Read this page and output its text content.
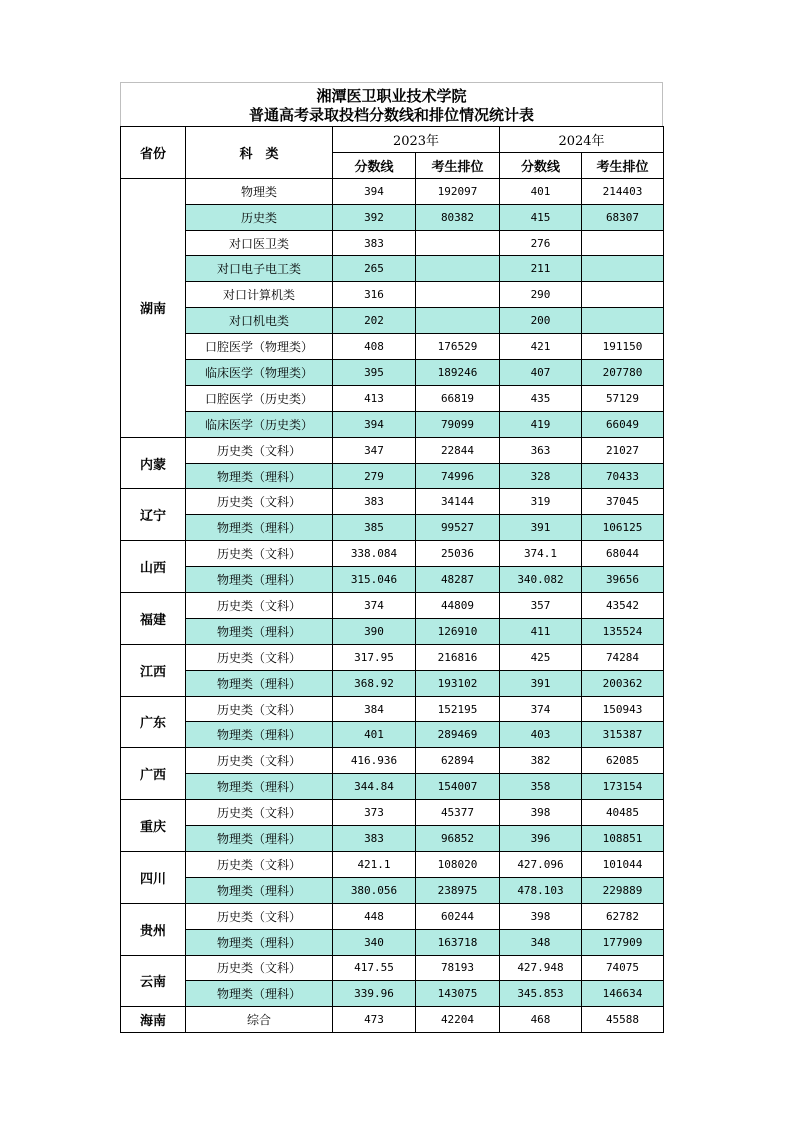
湘潭医卫职业技术学院
普通高考录取投档分数线和排位情况统计表
省份	科　类	2023年		2024年	
		分数线	考生排位	分数线	考生排位
湖南	物理类	394	192097	401	214403
	历史类	392	80382	415	68307
	对口医卫类	383		276	
	对口电子电工类	265		211	
	对口计算机类	316		290	
	对口机电类	202		200	
	口腔医学（物理类）	408	176529	421	191150
	临床医学（物理类）	395	189246	407	207780
	口腔医学（历史类）	413	66819	435	57129
	临床医学（历史类）	394	79099	419	66049
内蒙	历史类（文科）	347	22844	363	21027
	物理类（理科）	279	74996	328	70433
辽宁	历史类（文科）	383	34144	319	37045
	物理类（理科）	385	99527	391	106125
山西	历史类（文科）	338.084	25036	374.1	68044
	物理类（理科）	315.046	48287	340.082	39656
福建	历史类（文科）	374	44809	357	43542
	物理类（理科）	390	126910	411	135524
江西	历史类（文科）	317.95	216816	425	74284
	物理类（理科）	368.92	193102	391	200362
广东	历史类（文科）	384	152195	374	150943
	物理类（理科）	401	289469	403	315387
广西	历史类（文科）	416.936	62894	382	62085
	物理类（理科）	344.84	154007	358	173154
重庆	历史类（文科）	373	45377	398	40485
	物理类（理科）	383	96852	396	108851
四川	历史类（文科）	421.1	108020	427.096	101044
	物理类（理科）	380.056	238975	478.103	229889
贵州	历史类（文科）	448	60244	398	62782
	物理类（理科）	340	163718	348	177909
云南	历史类（文科）	417.55	78193	427.948	74075
	物理类（理科）	339.96	143075	345.853	146634
海南	综合	473	42204	468	45588
